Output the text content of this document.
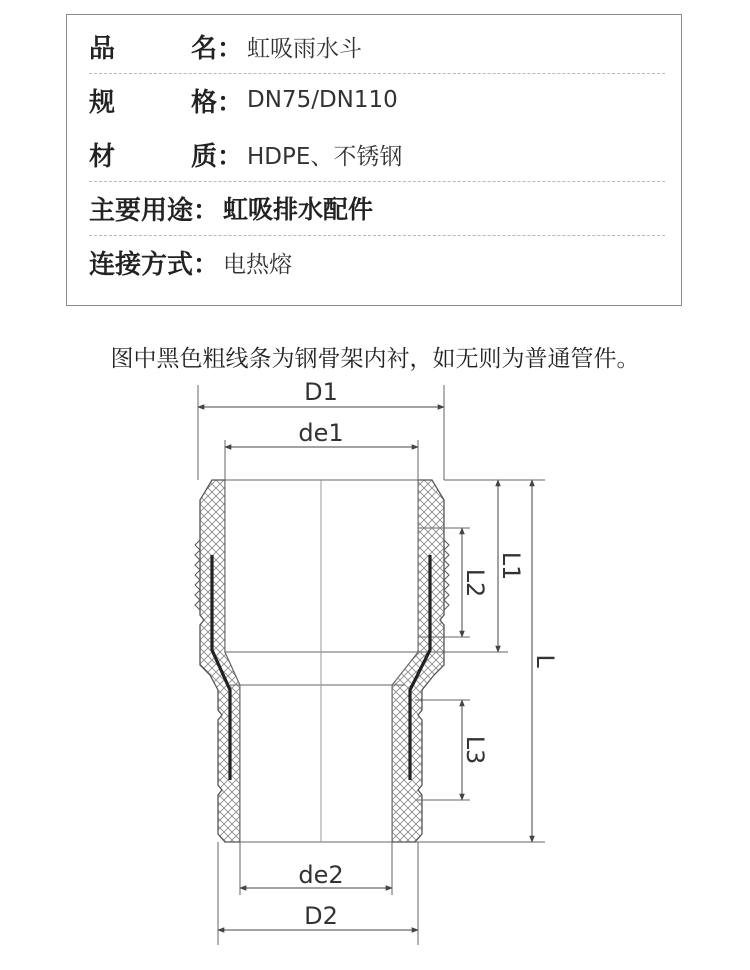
品	名 ： 虹吸雨水斗
规	格 ： DN75/DN110
材	质 ： HDPE、不锈钢
主要用途： 虹吸排水配件
连接方式： 电热熔
图中黑色粗线条为钢骨架内衬，如无则为普通管件。
D1
de1
de2
D2
L1
L2
L
L3
